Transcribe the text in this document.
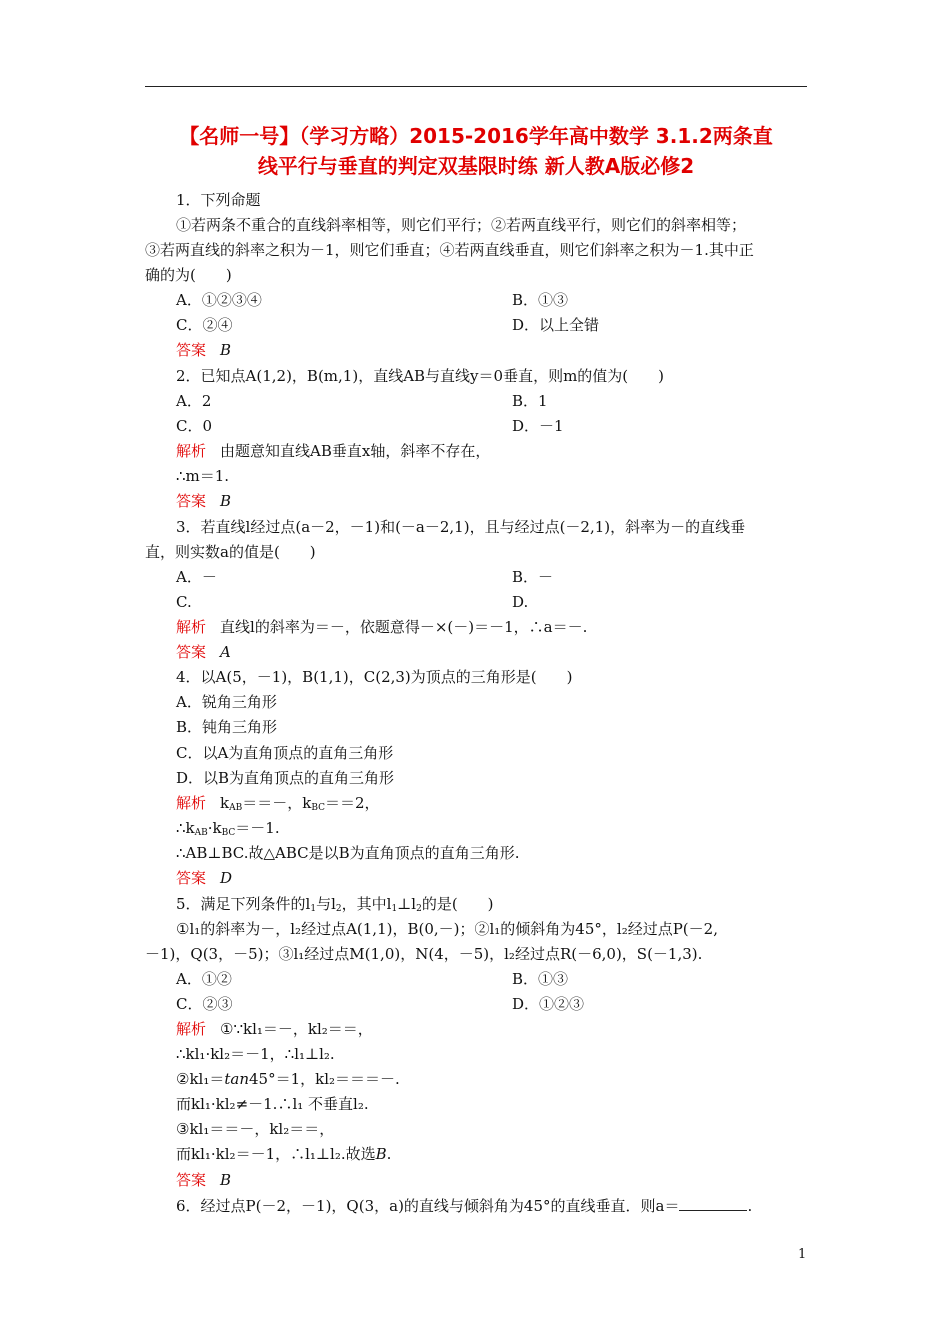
【名师一号】（学习方略）2015-2016学年高中数学 3.1.2两条直
线平行与垂直的判定双基限时练 新人教A版必修2
1．下列命题
①若两条不重合的直线斜率相等，则它们平行；②若两直线平行，则它们的斜率相等；
③若两直线的斜率之积为－1，则它们垂直；④若两直线垂直，则它们斜率之积为－1.其中正
确的为(　　)
A．①②③④	B．①③
C．②④	D．以上全错
答案 B
2．已知点A(1,2)，B(m,1)，直线AB与直线y＝0垂直，则m的值为(　　)
A．2	B．1
C．0	D．－1
解析 由题意知直线AB垂直x轴，斜率不存在，
∴m＝1.
答案 B
3．若直线l经过点(a－2，－1)和(－a－2,1)，且与经过点(－2,1)，斜率为－的直线垂
直，则实数a的值是(　　)
A．－	B．－
C.	D.
解析 直线l的斜率为＝－，依题意得－×(－)＝－1，∴a＝－.
答案 A
4．以A(5，－1)，B(1,1)，C(2,3)为顶点的三角形是(　　)
A．锐角三角形
B．钝角三角形
C．以A为直角顶点的直角三角形
D．以B为直角顶点的直角三角形
解析 $k_{AB}==-$，$k_{BC}==2$，
$\therefore k_{AB}\cdot k_{BC}=-1$.
∴AB⊥BC.故△ABC是以B为直角顶点的直角三角形.
答案 D
5．满足下列条件的$l_1$与$l_2$，其中$l_1\perp l_2$的是(　　)
①l₁的斜率为－，l₂经过点A(1,1)，B(0,－)；②l₁的倾斜角为45°，l₂经过点P(－2,
－1)，Q(3，－5)；③l₁经过点M(1,0)，N(4，－5)，l₂经过点R(－6,0)，S(－1,3).
A．①②	B．①③
C．②③	D．①②③
解析 ①∵kl₁＝－，kl₂＝＝，
∴kl₁·kl₂＝－1，∴l₁⊥l₂.
②kl₁＝tan45°＝1，kl₂＝＝＝－.
而kl₁·kl₂≠－1.∴l₁ 不垂直l₂.
③kl₁＝＝－，kl₂＝＝，
而kl₁·kl₂＝－1，∴l₁⊥l₂.故选B.
答案 B
6．经过点P(－2，－1)，Q(3，a)的直线与倾斜角为45°的直线垂直．则a＝	.
1
